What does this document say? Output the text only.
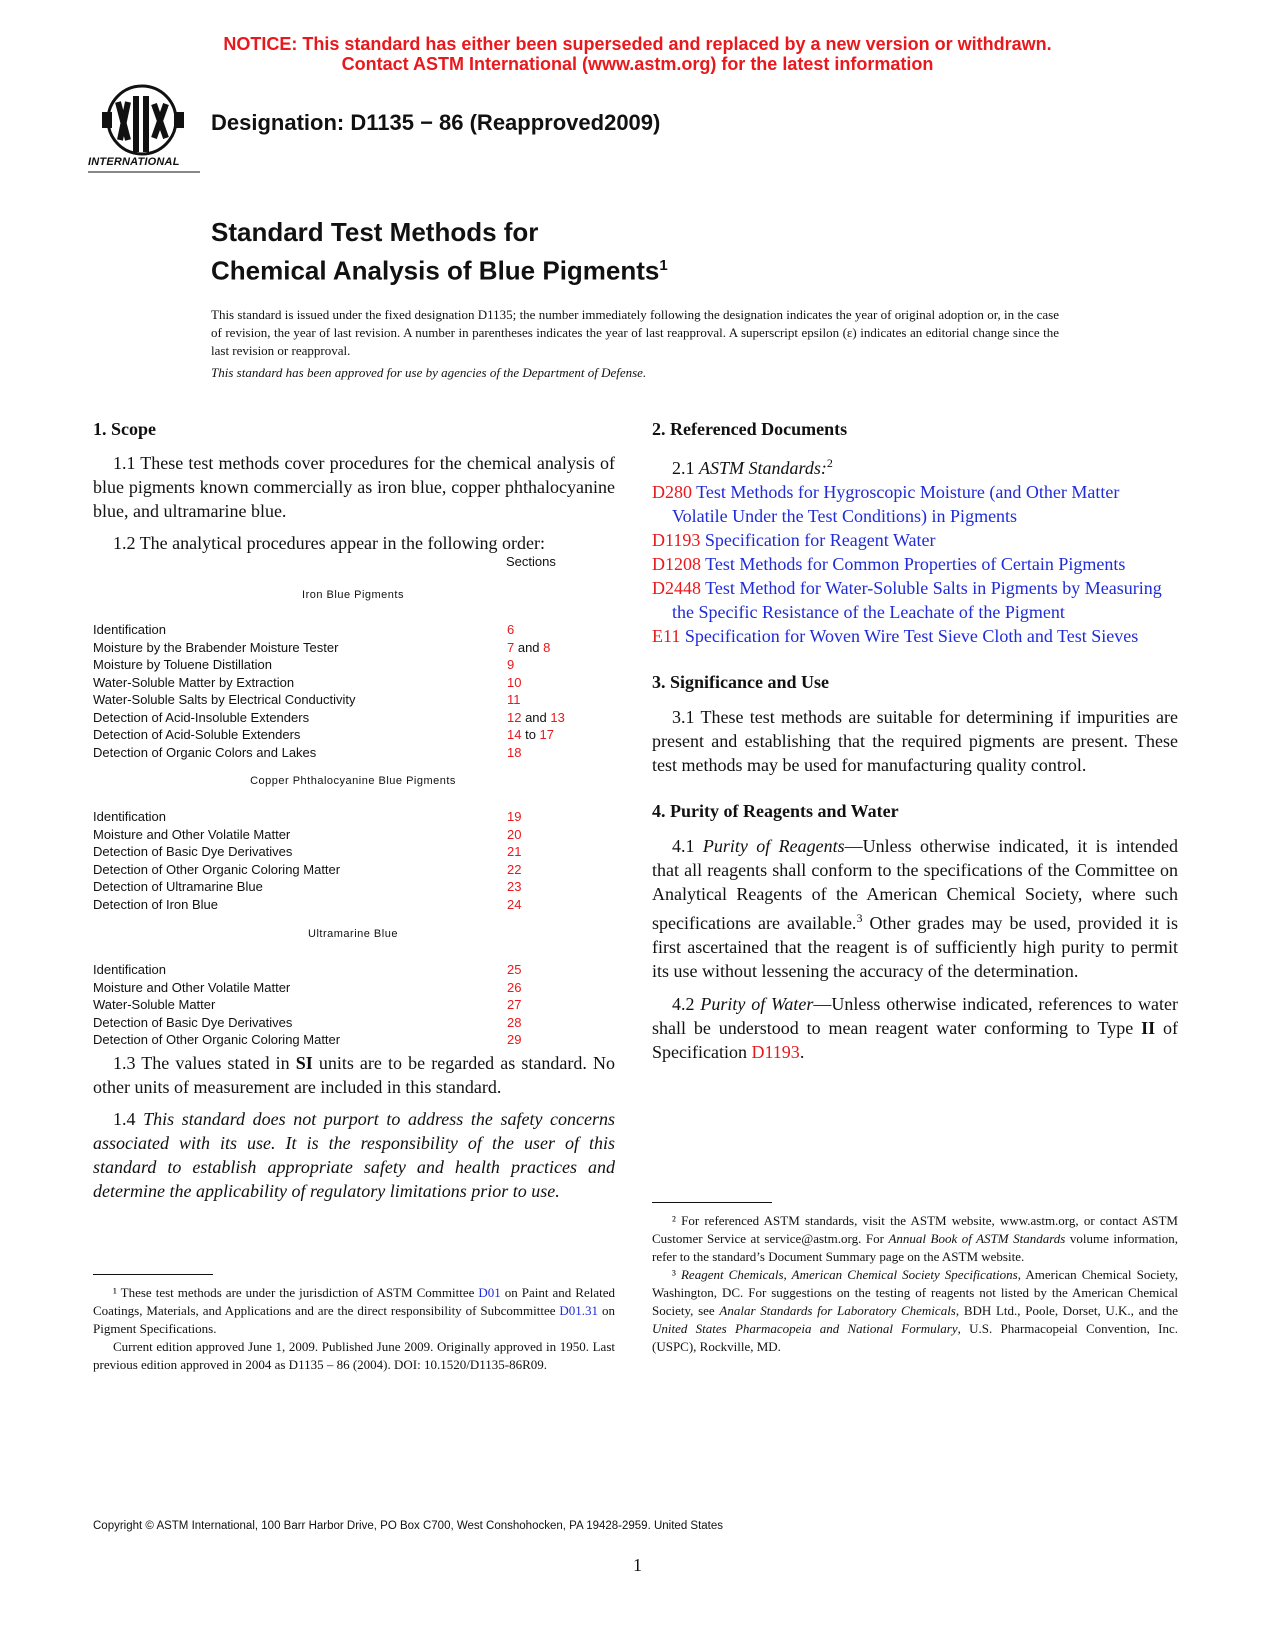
NOTICE: This standard has either been superseded and replaced by a new version or withdrawn.
Contact ASTM International (www.astm.org) for the latest information
INTERNATIONAL
Designation: D1135 − 86 (Reapproved2009)
Standard Test Methods for
Chemical Analysis of Blue Pigments$^1$
This standard is issued under the fixed designation D1135; the number immediately following the designation indicates the year of original adoption or, in the case of revision, the year of last revision. A number in parentheses indicates the year of last reapproval. A superscript epsilon (ε) indicates an editorial change since the last revision or reapproval.
This standard has been approved for use by agencies of the Department of Defense.

1. Scope

1.1 These test methods cover procedures for the chemical analysis of blue pigments known commercially as iron blue, copper phthalocyanine blue, and ultramarine blue.

1.2 The analytical procedures appear in the following order:

Sections
Iron Blue Pigments
Identification	6
Moisture by the Brabender Moisture Tester	7 and 8
Moisture by Toluene Distillation	9
Water-Soluble Matter by Extraction	10
Water-Soluble Salts by Electrical Conductivity	11
Detection of Acid-Insoluble Extenders	12 and 13
Detection of Acid-Soluble Extenders	14 to 17
Detection of Organic Colors and Lakes	18
Copper Phthalocyanine Blue Pigments
Identification	19
Moisture and Other Volatile Matter	20
Detection of Basic Dye Derivatives	21
Detection of Other Organic Coloring Matter	22
Detection of Ultramarine Blue	23
Detection of Iron Blue	24
Ultramarine Blue
Identification	25
Moisture and Other Volatile Matter	26
Water-Soluble Matter	27
Detection of Basic Dye Derivatives	28
Detection of Other Organic Coloring Matter	29

1.3 The values stated in SI units are to be regarded as standard. No other units of measurement are included in this standard.

1.4 This standard does not purport to address the safety concerns associated with its use. It is the responsibility of the user of this standard to establish appropriate safety and health practices and determine the applicability of regulatory limitations prior to use.

¹ These test methods are under the jurisdiction of ASTM Committee D01 on Paint and Related Coatings, Materials, and Applications and are the direct responsibility of Subcommittee D01.31 on Pigment Specifications.
Current edition approved June 1, 2009. Published June 2009. Originally approved in 1950. Last previous edition approved in 2004 as D1135 – 86 (2004). DOI: 10.1520/D1135-86R09.

2. Referenced Documents

2.1 ASTM Standards:$^2$

D280 Test Methods for Hygroscopic Moisture (and Other Matter Volatile Under the Test Conditions) in Pigments
D1193 Specification for Reagent Water
D1208 Test Methods for Common Properties of Certain Pigments
D2448 Test Method for Water-Soluble Salts in Pigments by Measuring the Specific Resistance of the Leachate of the Pigment
E11 Specification for Woven Wire Test Sieve Cloth and Test Sieves

3. Significance and Use

3.1 These test methods are suitable for determining if impurities are present and establishing that the required pigments are present. These test methods may be used for manufacturing quality control.

4. Purity of Reagents and Water

4.1 Purity of Reagents—Unless otherwise indicated, it is intended that all reagents shall conform to the specifications of the Committee on Analytical Reagents of the American Chemical Society, where such specifications are available.$^3$ Other grades may be used, provided it is first ascertained that the reagent is of sufficiently high purity to permit its use without lessening the accuracy of the determination.

4.2 Purity of Water—Unless otherwise indicated, references to water shall be understood to mean reagent water conforming to Type II of Specification D1193.

² For referenced ASTM standards, visit the ASTM website, www.astm.org, or contact ASTM Customer Service at service@astm.org. For Annual Book of ASTM Standards volume information, refer to the standard’s Document Summary page on the ASTM website.
³ Reagent Chemicals, American Chemical Society Specifications, American Chemical Society, Washington, DC. For suggestions on the testing of reagents not listed by the American Chemical Society, see Analar Standards for Laboratory Chemicals, BDH Ltd., Poole, Dorset, U.K., and the United States Pharmacopeia and National Formulary, U.S. Pharmacopeial Convention, Inc. (USPC), Rockville, MD.
Copyright © ASTM International, 100 Barr Harbor Drive, PO Box C700, West Conshohocken, PA 19428-2959. United States
1
